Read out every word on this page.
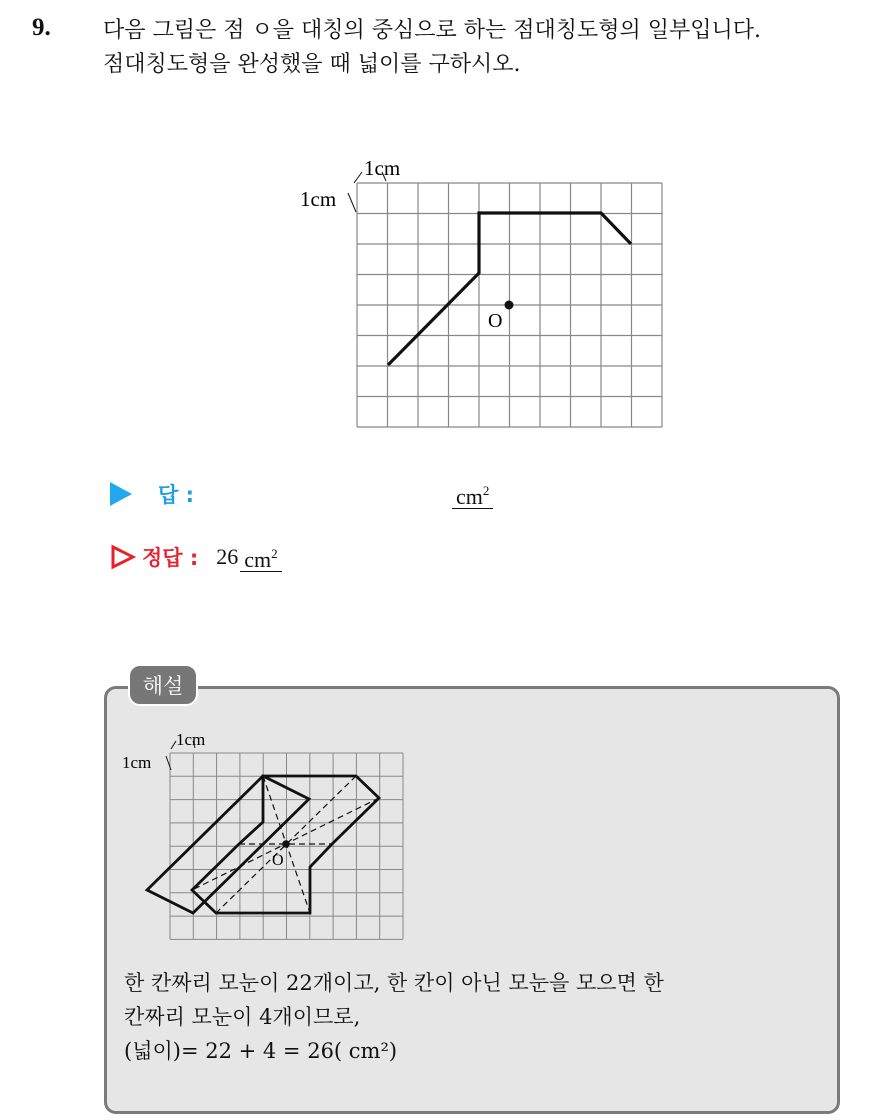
9. 다음 그림은 점 ㅇ을 대칭의 중심으로 하는 점대칭도형의 일부입니다.
점대칭도형을 완성했을 때 넓이를 구하시오.
O
1cm
1cm
답 :	$cm^2$
정답 : 26 $cm^2$
해설
O
1cm
1cm
한 칸짜리 모눈이 22개이고, 한 칸이 아닌 모눈을 모으면 한
칸짜리 모눈이 4개이므로,
(넓이)= 22 + 4 = 26( cm²)
